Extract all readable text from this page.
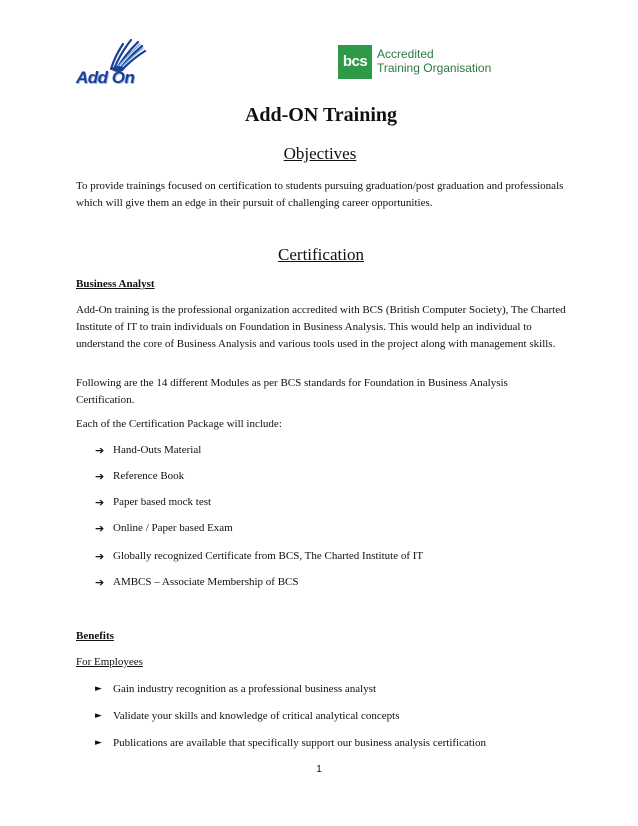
Add On
bcs Accredited
Training Organisation
Add-ON Training
Objectives

To provide trainings focused on certification to students pursuing graduation/post graduation and professionals which will give them an edge in their pursuit of challenging career opportunities.

Certification

Business Analyst

Add-On training is the professional organization accredited with BCS (British Computer Society), The Charted Institute of IT to train individuals on Foundation in Business Analysis. This would help an individual to understand the core of Business Analysis and various tools used in the project along with management skills.

Following are the 14 different Modules as per BCS standards for Foundation in Business Analysis Certification.

Each of the Certification Package will include:

➔ Hand-Outs Material
➔ Reference Book
➔ Paper based mock test
➔ Online / Paper based Exam
➔ Globally recognized Certificate from BCS, The Charted Institute of IT
➔ AMBCS – Associate Membership of BCS

Benefits

For Employees

► Gain industry recognition as a professional business analyst
► Validate your skills and knowledge of critical analytical concepts
► Publications are available that specifically support our business analysis certification
1
